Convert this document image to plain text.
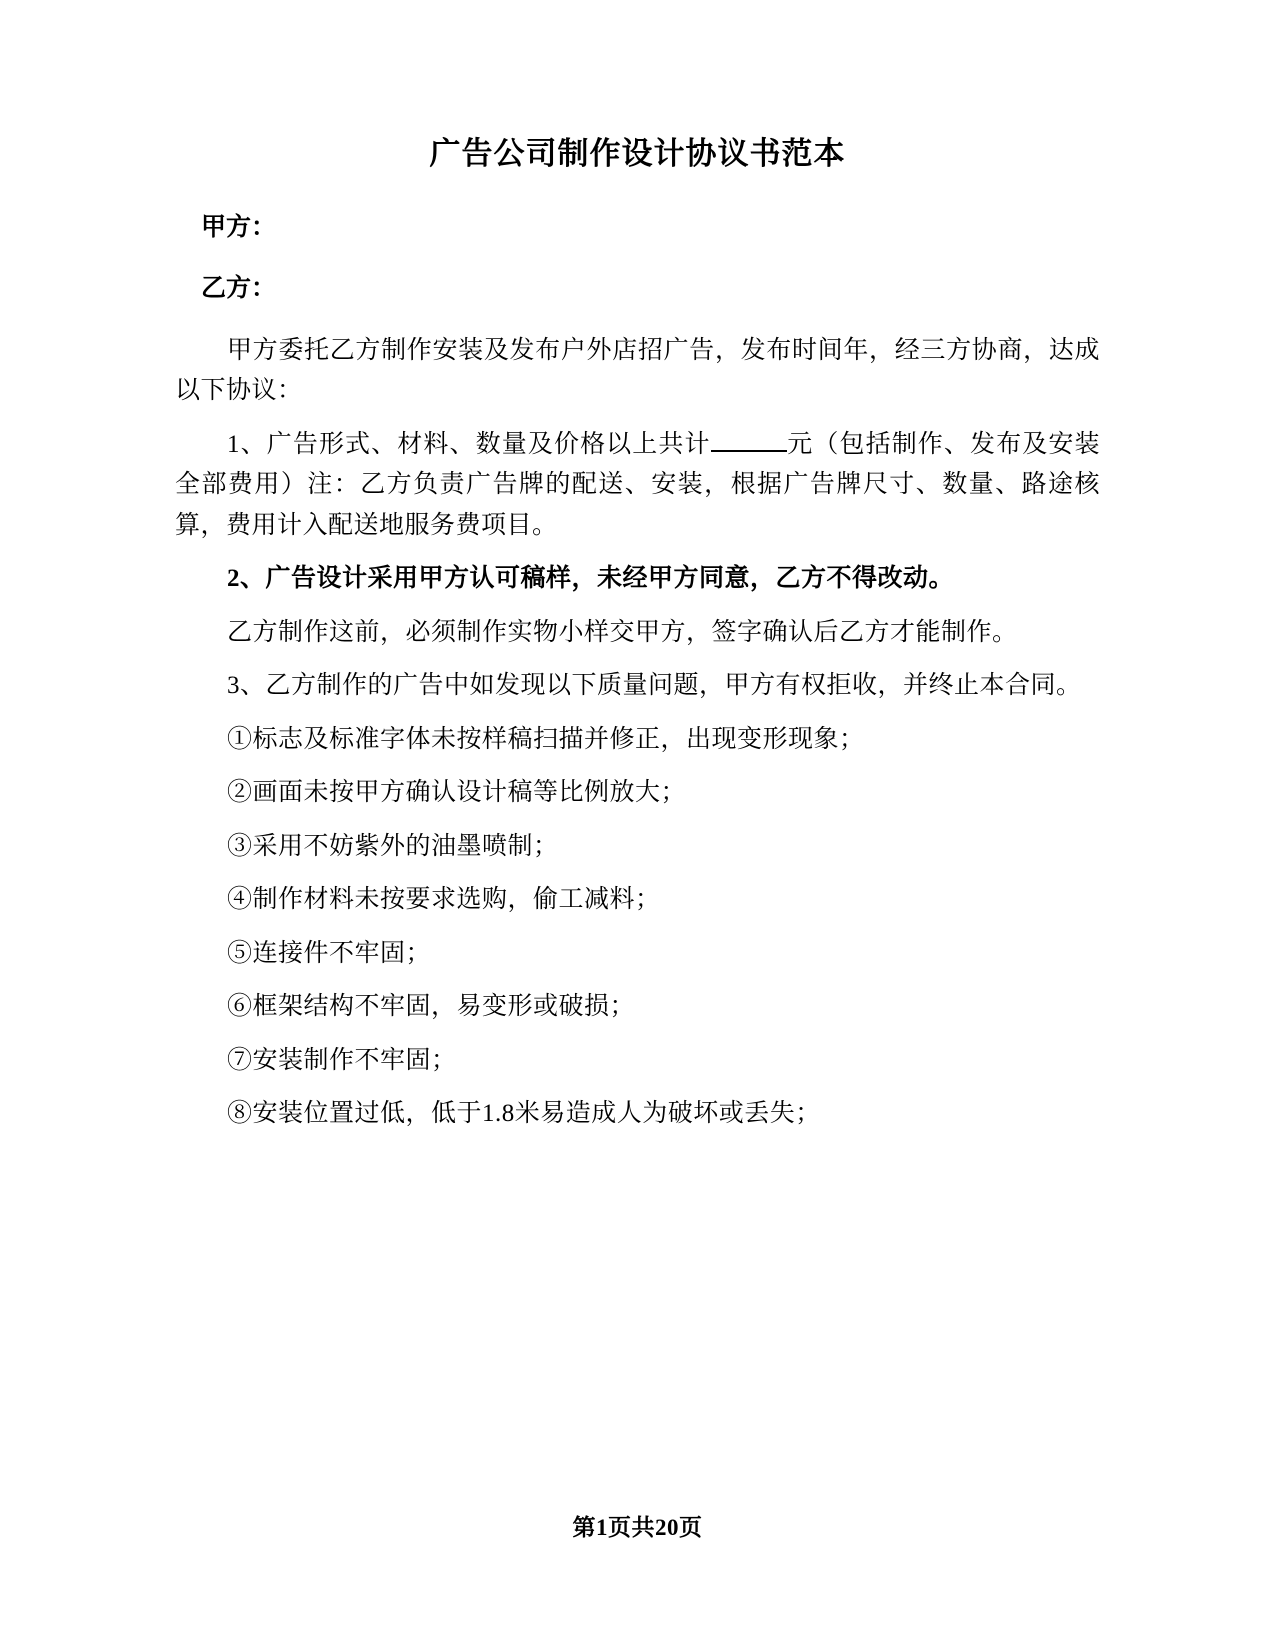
广告公司制作设计协议书范本

甲方：

乙方：

甲方委托乙方制作安装及发布户外店招广告，发布时间年，经三方协商，达成以下协议：

1、广告形式、材料、数量及价格以上共计	元（包括制作、发布及安装全部费用）注：乙方负责广告牌的配送、安装，根据广告牌尺寸、数量、路途核算，费用计入配送地服务费项目。

2、广告设计采用甲方认可稿样，未经甲方同意，乙方不得改动。

乙方制作这前，必须制作实物小样交甲方，签字确认后乙方才能制作。

3、乙方制作的广告中如发现以下质量问题，甲方有权拒收，并终止本合同。

①标志及标准字体未按样稿扫描并修正，出现变形现象；

②画面未按甲方确认设计稿等比例放大；

③采用不妨紫外的油墨喷制；

④制作材料未按要求选购，偷工减料；

⑤连接件不牢固；

⑥框架结构不牢固，易变形或破损；

⑦安装制作不牢固；

⑧安装位置过低，低于1.8米易造成人为破坏或丢失；

第1页共20页
